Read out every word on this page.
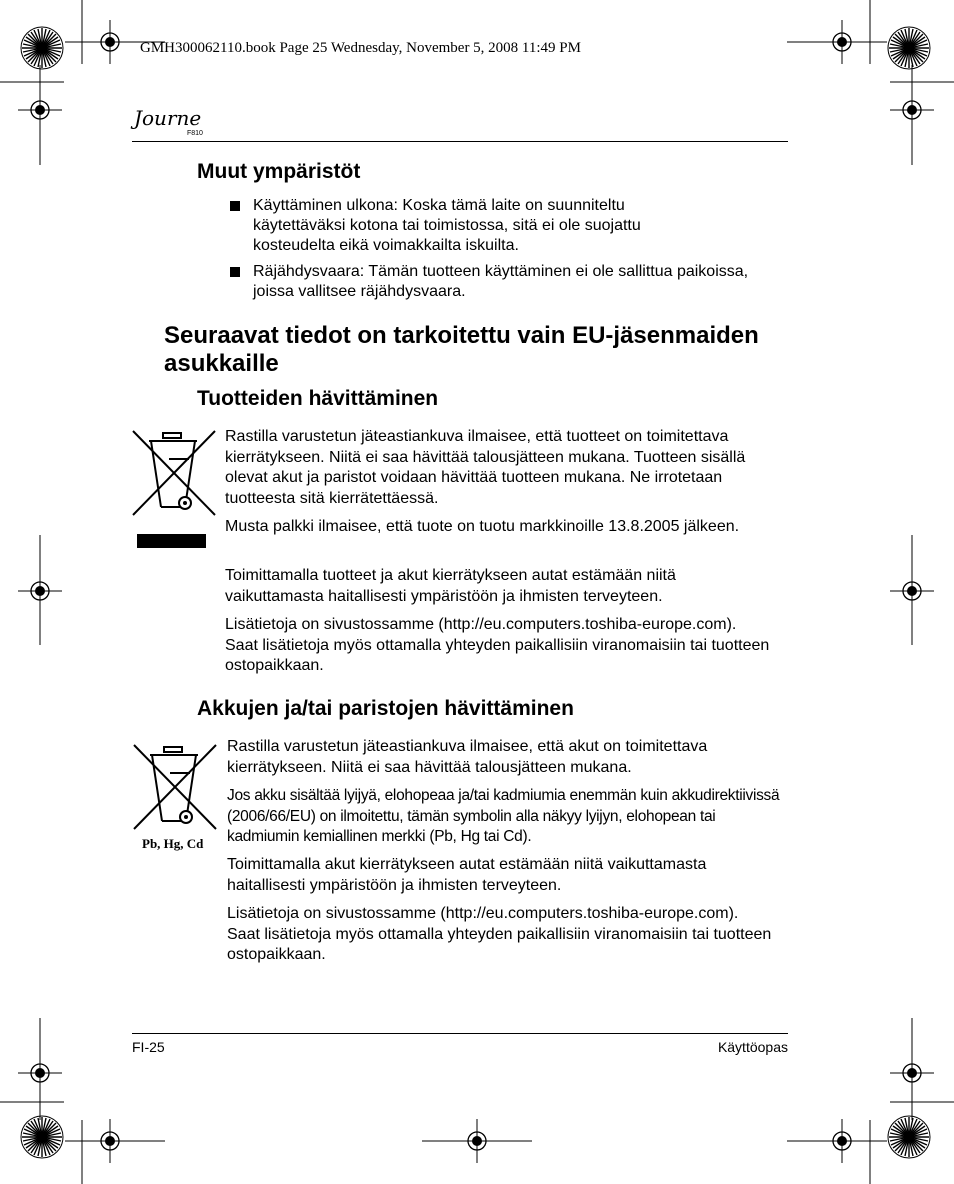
GMH300062110.book Page 25 Wednesday, November 5, 2008 11:49 PM
Journe
F810
Muut ympäristöt
Käyttäminen ulkona: Koska tämä laite on suunniteltu käytettäväksi kotona tai toimistossa, sitä ei ole suojattu kosteudelta eikä voimakkailta iskuilta.
Räjähdysvaara: Tämän tuotteen käyttäminen ei ole sallittua paikoissa, joissa vallitsee räjähdysvaara.
Seuraavat tiedot on tarkoitettu vain EU-jäsenmaiden asukkaille
Tuotteiden hävittäminen
Rastilla varustetun jäteastiankuva ilmaisee, että tuotteet on toimitettava kierrätykseen. Niitä ei saa hävittää talousjätteen mukana. Tuotteen sisällä olevat akut ja paristot voidaan hävittää tuotteen mukana. Ne irrotetaan tuotteesta sitä kierrätettäessä.
Musta palkki ilmaisee, että tuote on tuotu markkinoille 13.8.2005 jälkeen.
Toimittamalla tuotteet ja akut kierrätykseen autat estämään niitä vaikuttamasta haitallisesti ympäristöön ja ihmisten terveyteen.
Lisätietoja on sivustossamme (http://eu.computers.toshiba-europe.com). Saat lisätietoja myös ottamalla yhteyden paikallisiin viranomaisiin tai tuotteen ostopaikkaan.
Akkujen ja/tai paristojen hävittäminen
Pb, Hg, Cd
Rastilla varustetun jäteastiankuva ilmaisee, että akut on toimitettava kierrätykseen. Niitä ei saa hävittää talousjätteen mukana.
Jos akku sisältää lyijyä, elohopeaa ja/tai kadmiumia enemmän kuin akkudirektiivissä (2006/66/EU) on ilmoitettu, tämän symbolin alla näkyy lyijyn, elohopean tai kadmiumin kemiallinen merkki (Pb, Hg tai Cd).
Toimittamalla akut kierrätykseen autat estämään niitä vaikuttamasta haitallisesti ympäristöön ja ihmisten terveyteen.
Lisätietoja on sivustossamme (http://eu.computers.toshiba-europe.com). Saat lisätietoja myös ottamalla yhteyden paikallisiin viranomaisiin tai tuotteen ostopaikkaan.
FI-25	Käyttöopas
